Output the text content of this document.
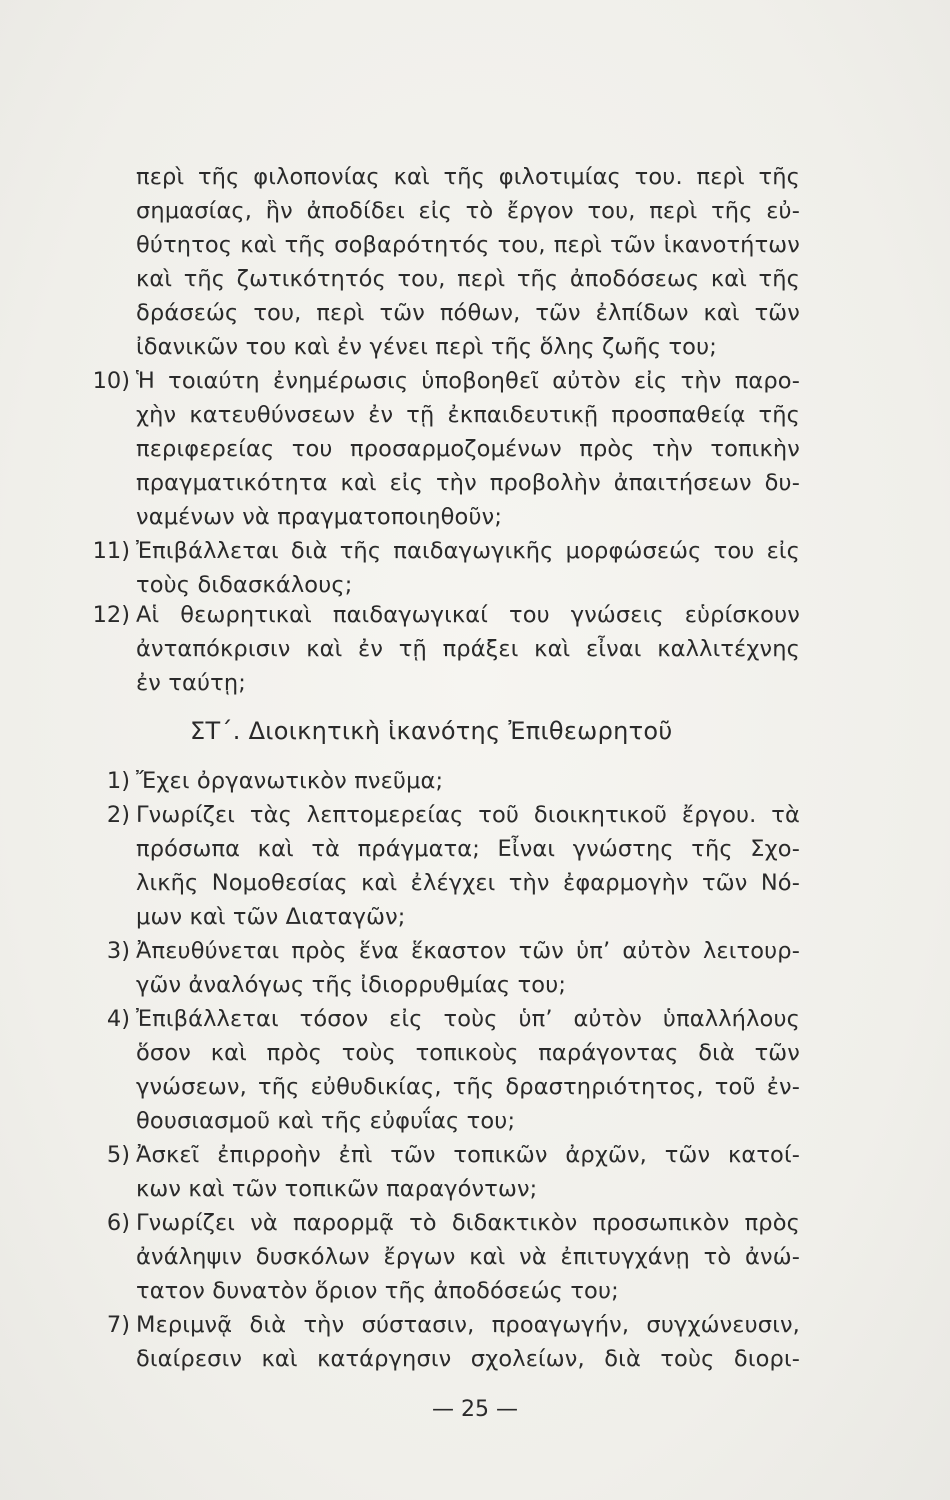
περὶ τῆς φιλοπονίας καὶ τῆς φιλοτιμίας του. περὶ τῆς
σημασίας, ἣν ἀποδίδει εἰς τὸ ἔργον του, περὶ τῆς εὐ-
θύτητος καὶ τῆς σοβαρότητός του, περὶ τῶν ἱκανοτήτων
καὶ τῆς ζωτικότητός του, περὶ τῆς ἀποδόσεως καὶ τῆς
δράσεώς του, περὶ τῶν πόθων, τῶν ἐλπίδων καὶ τῶν
ἰδανικῶν του καὶ ἐν γένει περὶ τῆς ὅλης ζωῆς του;
10) Ἡ τοιαύτη ἐνημέρωσις ὑποβοηθεῖ αὐτὸν εἰς τὴν παρο-
χὴν κατευθύνσεων ἐν τῇ ἐκπαιδευτικῇ προσπαθείᾳ τῆς
περιφερείας του προσαρμοζομένων πρὸς τὴν τοπικὴν
πραγματικότητα καὶ εἰς τὴν προβολὴν ἀπαιτήσεων δυ-
ναμένων νὰ πραγματοποιηθοῦν;
11) Ἐπιβάλλεται διὰ τῆς παιδαγωγικῆς μορφώσεώς του εἰς
τοὺς διδασκάλους;
12) Αἱ θεωρητικαὶ παιδαγωγικαί του γνώσεις εὑρίσκουν
ἀνταπόκρισιν καὶ ἐν τῇ πράξει καὶ εἶναι καλλιτέχνης
ἐν ταύτῃ;
ΣΤ΄. Διοικητικὴ ἱκανότης Ἐπιθεωρητοῦ
1) Ἔχει ὀργανωτικὸν πνεῦμα;
2) Γνωρίζει τὰς λεπτομερείας τοῦ διοικητικοῦ ἔργου. τὰ
πρόσωπα καὶ τὰ πράγματα; Εἶναι γνώστης τῆς Σχο-
λικῆς Νομοθεσίας καὶ ἐλέγχει τὴν ἐφαρμογὴν τῶν Νό-
μων καὶ τῶν Διαταγῶν;
3) Ἀπευθύνεται πρὸς ἕνα ἕκαστον τῶν ὑπ’ αὐτὸν λειτουρ-
γῶν ἀναλόγως τῆς ἰδιορρυθμίας του;
4) Ἐπιβάλλεται τόσον εἰς τοὺς ὑπ’ αὐτὸν ὑπαλλήλους
ὅσον καὶ πρὸς τοὺς τοπικοὺς παράγοντας διὰ τῶν
γνώσεων, τῆς εὐθυδικίας, τῆς δραστηριότητος, τοῦ ἐν-
θουσιασμοῦ καὶ τῆς εὐφυΐας του;
5) Ἀσκεῖ ἐπιρροὴν ἐπὶ τῶν τοπικῶν ἀρχῶν, τῶν κατοί-
κων καὶ τῶν τοπικῶν παραγόντων;
6) Γνωρίζει νὰ παρορμᾷ τὸ διδακτικὸν προσωπικὸν πρὸς
ἀνάληψιν δυσκόλων ἔργων καὶ νὰ ἐπιτυγχάνῃ τὸ ἀνώ-
τατον δυνατὸν ὅριον τῆς ἀποδόσεώς του;
7) Μεριμνᾷ διὰ τὴν σύστασιν, προαγωγήν, συγχώνευσιν,
διαίρεσιν καὶ κατάργησιν σχολείων, διὰ τοὺς διορι-
— 25 —
